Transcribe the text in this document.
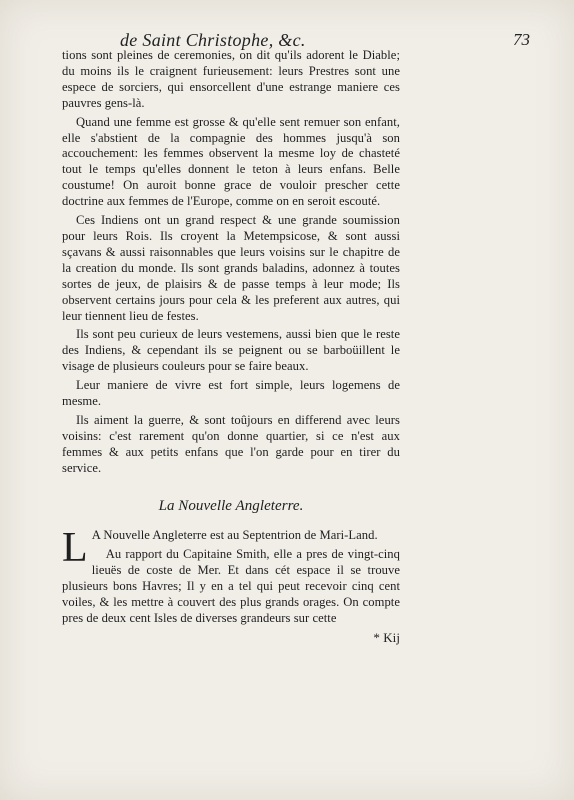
de Saint Christophe, &c.	73

tions sont pleines de ceremonies, on dit qu'ils adorent le Diable; du moins ils le craignent furieusement: leurs Prestres sont une espece de sorciers, qui ensorcellent d'une estrange maniere ces pauvres gens-là.

Quand une femme est grosse & qu'elle sent remuer son enfant, elle s'abstient de la compagnie des hommes jusqu'à son accouchement: les femmes observent la mesme loy de chasteté tout le temps qu'elles donnent le teton à leurs enfans. Belle coustume! On auroit bonne grace de vouloir prescher cette doctrine aux femmes de l'Europe, comme on en seroit escouté.

Ces Indiens ont un grand respect & une grande soumission pour leurs Rois. Ils croyent la Metempsicose, & sont aussi sçavans & aussi raisonnables que leurs voisins sur le chapitre de la creation du monde. Ils sont grands baladins, adonnez à toutes sortes de jeux, de plaisirs & de passe temps à leur mode; Ils observent certains jours pour cela & les preferent aux autres, qui leur tiennent lieu de festes.

Ils sont peu curieux de leurs vestemens, aussi bien que le reste des Indiens, & cependant ils se peignent ou se barboüillent le visage de plusieurs couleurs pour se faire beaux.

Leur maniere de vivre est fort simple, leurs logemens de mesme.

Ils aiment la guerre, & sont toûjours en differend avec leurs voisins: c'est rarement qu'on donne quartier, si ce n'est aux femmes & aux petits enfans que l'on garde pour en tirer du service.

La Nouvelle Angleterre.

L A Nouvelle Angleterre est au Septentrion de Mari-Land.

Au rapport du Capitaine Smith, elle a pres de vingt-cinq lieuës de coste de Mer. Et dans cét espace il se trouve plusieurs bons Havres; Il y en a tel qui peut recevoir cinq cent voiles, & les mettre à couvert des plus grands orages. On compte pres de deux cent Isles de diverses grandeurs sur cette

* Kij
